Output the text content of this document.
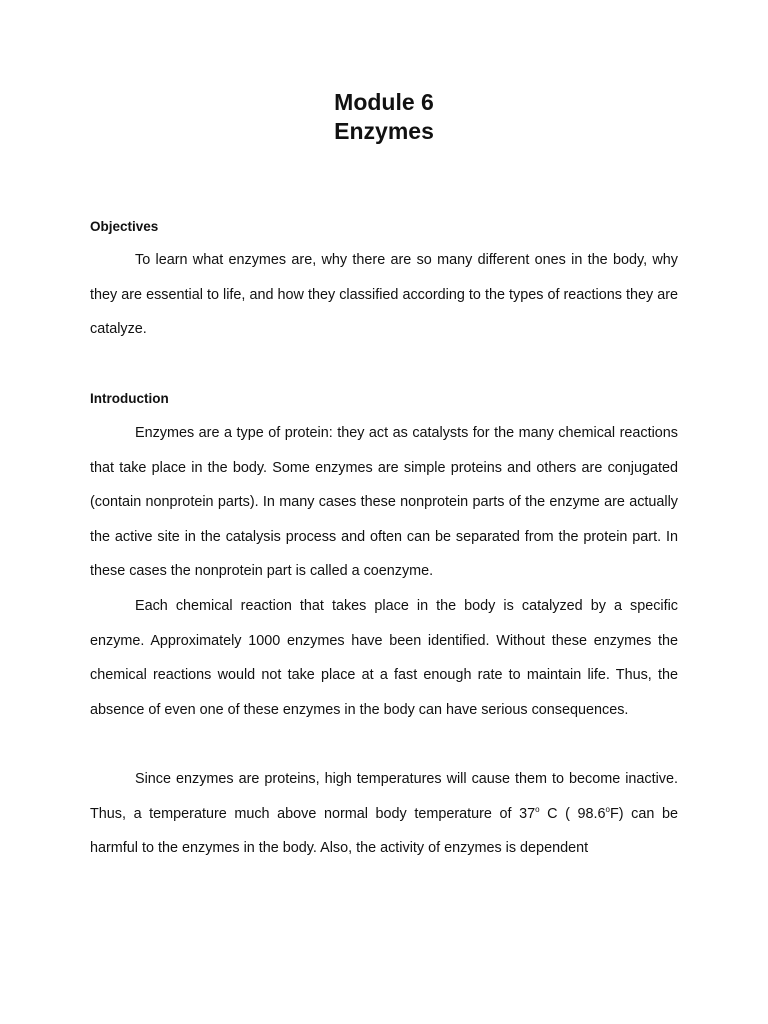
Module 6
Enzymes
Objectives

To learn what enzymes are, why there are so many different ones in the body, why they are essential to life, and how they classified according to the types of reactions they are catalyze.

Introduction

Enzymes are a type of protein: they act as catalysts for the many chemical reactions that take place in the body. Some enzymes are simple proteins and others are conjugated (contain nonprotein parts). In many cases these nonprotein parts of the enzyme are actually the active site in the catalysis process and often can be separated from the protein part. In these cases the nonprotein part is called a coenzyme.

Each chemical reaction that takes place in the body is catalyzed by a specific enzyme. Approximately 1000 enzymes have been identified. Without these enzymes the chemical reactions would not take place at a fast enough rate to maintain life. Thus, the absence of even one of these enzymes in the body can have serious consequences.

Since enzymes are proteins, high temperatures will cause them to become inactive. Thus, a temperature much above normal body temperature of 37$^o$ C ( 98.6$^o$F) can be harmful to the enzymes in the body. Also, the activity of enzymes is dependent
